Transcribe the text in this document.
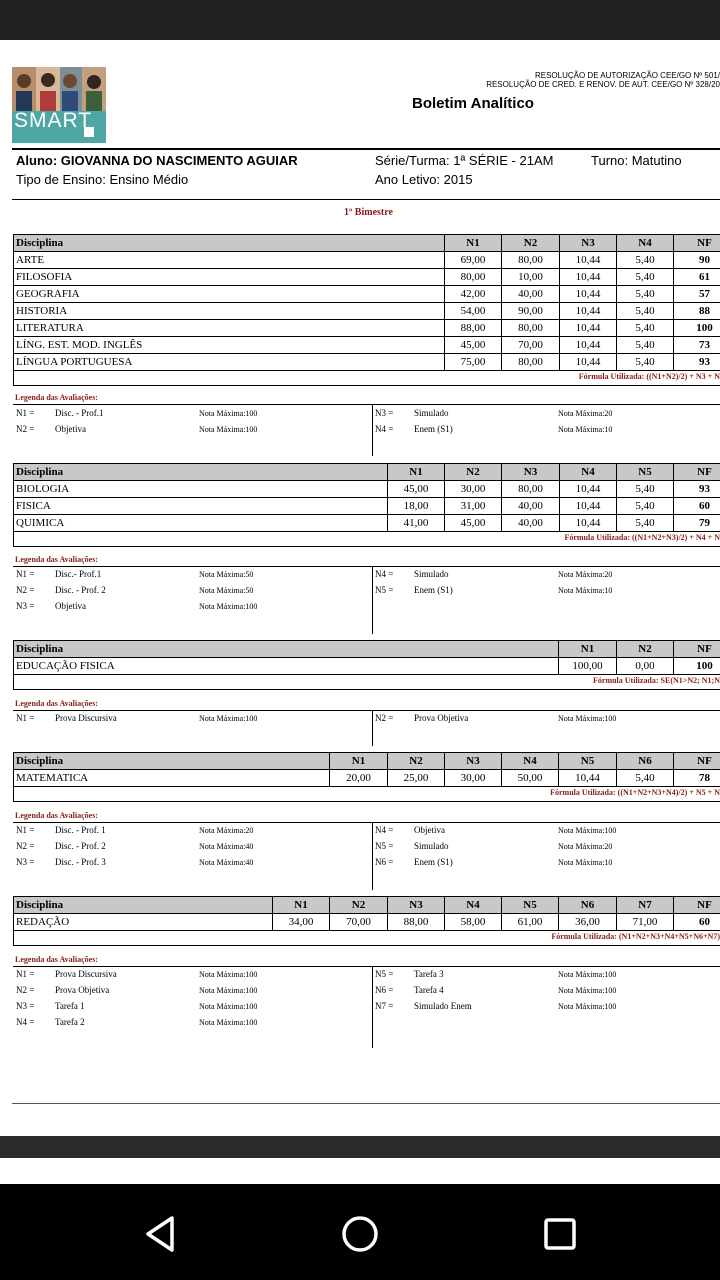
SMART
RESOLUÇÃO DE AUTORIZAÇÃO CEE/GO Nº 501/
RESOLUÇÃO DE CRED. E RENOV. DE AUT. CEE/GO Nº 328/20
Boletim Analítico
Aluno: GIOVANNA DO NASCIMENTO AGUIAR	Série/Turma: 1ª SÉRIE - 21AM	Turno: Matutino
Tipo de Ensino: Ensino Médio	Ano Letivo: 2015
1º Bimestre
Disciplina	N1	N2	N3	N4	NF
ARTE	69,00	80,00	10,44	5,40	90
FILOSOFIA	80,00	10,00	10,44	5,40	61
GEOGRAFIA	42,00	40,00	10,44	5,40	57
HISTORIA	54,00	90,00	10,44	5,40	88
LITERATURA	88,00	80,00	10,44	5,40	100
LÍNG. EST. MOD. INGLÊS	45,00	70,00	10,44	5,40	73
LÍNGUA PORTUGUESA	75,00	80,00	10,44	5,40	93
Fórmula Utilizada: ((N1+N2)/2) + N3 + N
Legenda das Avaliações:
N1 = Disc. - Prof.1	Nota Máxima:100
N2 = Objetiva	Nota Máxima:100
N3 = Simulado	Nota Máxima:20
N4 = Enem (S1)	Nota Máxima:10
Disciplina	N1	N2	N3	N4	N5	NF
BIOLOGIA	45,00	30,00	80,00	10,44	5,40	93
FISICA	18,00	31,00	40,00	10,44	5,40	60
QUIMICA	41,00	45,00	40,00	10,44	5,40	79
Fórmula Utilizada: ((N1+N2+N3)/2) + N4 + N
Legenda das Avaliações:
N1 = Disc.- Prof.1	Nota Máxima:50
N2 = Disc. - Prof. 2	Nota Máxima:50
N3 = Objetiva	Nota Máxima:100
N4 = Simulado	Nota Máxima:20
N5 = Enem (S1)	Nota Máxima:10
Disciplina	N1	N2	NF
EDUCAÇÃO FISICA	100,00	0,00	100
Fórmula Utilizada: SE(N1>N2; N1;N
Legenda das Avaliações:
N1 = Prova Discursiva	Nota Máxima:100	N2 = Prova Objetiva	Nota Máxima:100
Disciplina	N1	N2	N3	N4	N5	N6	NF
MATEMATICA	20,00	25,00	30,00	50,00	10,44	5,40	78
Fórmula Utilizada: ((N1+N2+N3+N4)/2) + N5 + N
Legenda das Avaliações:
N1 = Disc. - Prof. 1	Nota Máxima:20
N2 = Disc. - Prof. 2	Nota Máxima:40
N3 = Disc. - Prof. 3	Nota Máxima:40
N4 = Objetiva	Nota Máxima:100
N5 = Simulado	Nota Máxima:20
N6 = Enem (S1)	Nota Máxima:10
Disciplina	N1	N2	N3	N4	N5	N6	N7	NF
REDAÇÃO	34,00	70,00	88,00	58,00	61,00	36,00	71,00	60
Fórmula Utilizada: (N1+N2+N3+N4+N5+N6+N7)
Legenda das Avaliações:
N1 = Prova Discursiva	Nota Máxima:100
N2 = Prova Objetiva	Nota Máxima:100
N3 = Tarefa 1	Nota Máxima:100
N4 = Tarefa 2	Nota Máxima:100
N5 = Tarefa 3	Nota Máxima:100
N6 = Tarefa 4	Nota Máxima:100
N7 = Simulado Enem	Nota Máxima:100
